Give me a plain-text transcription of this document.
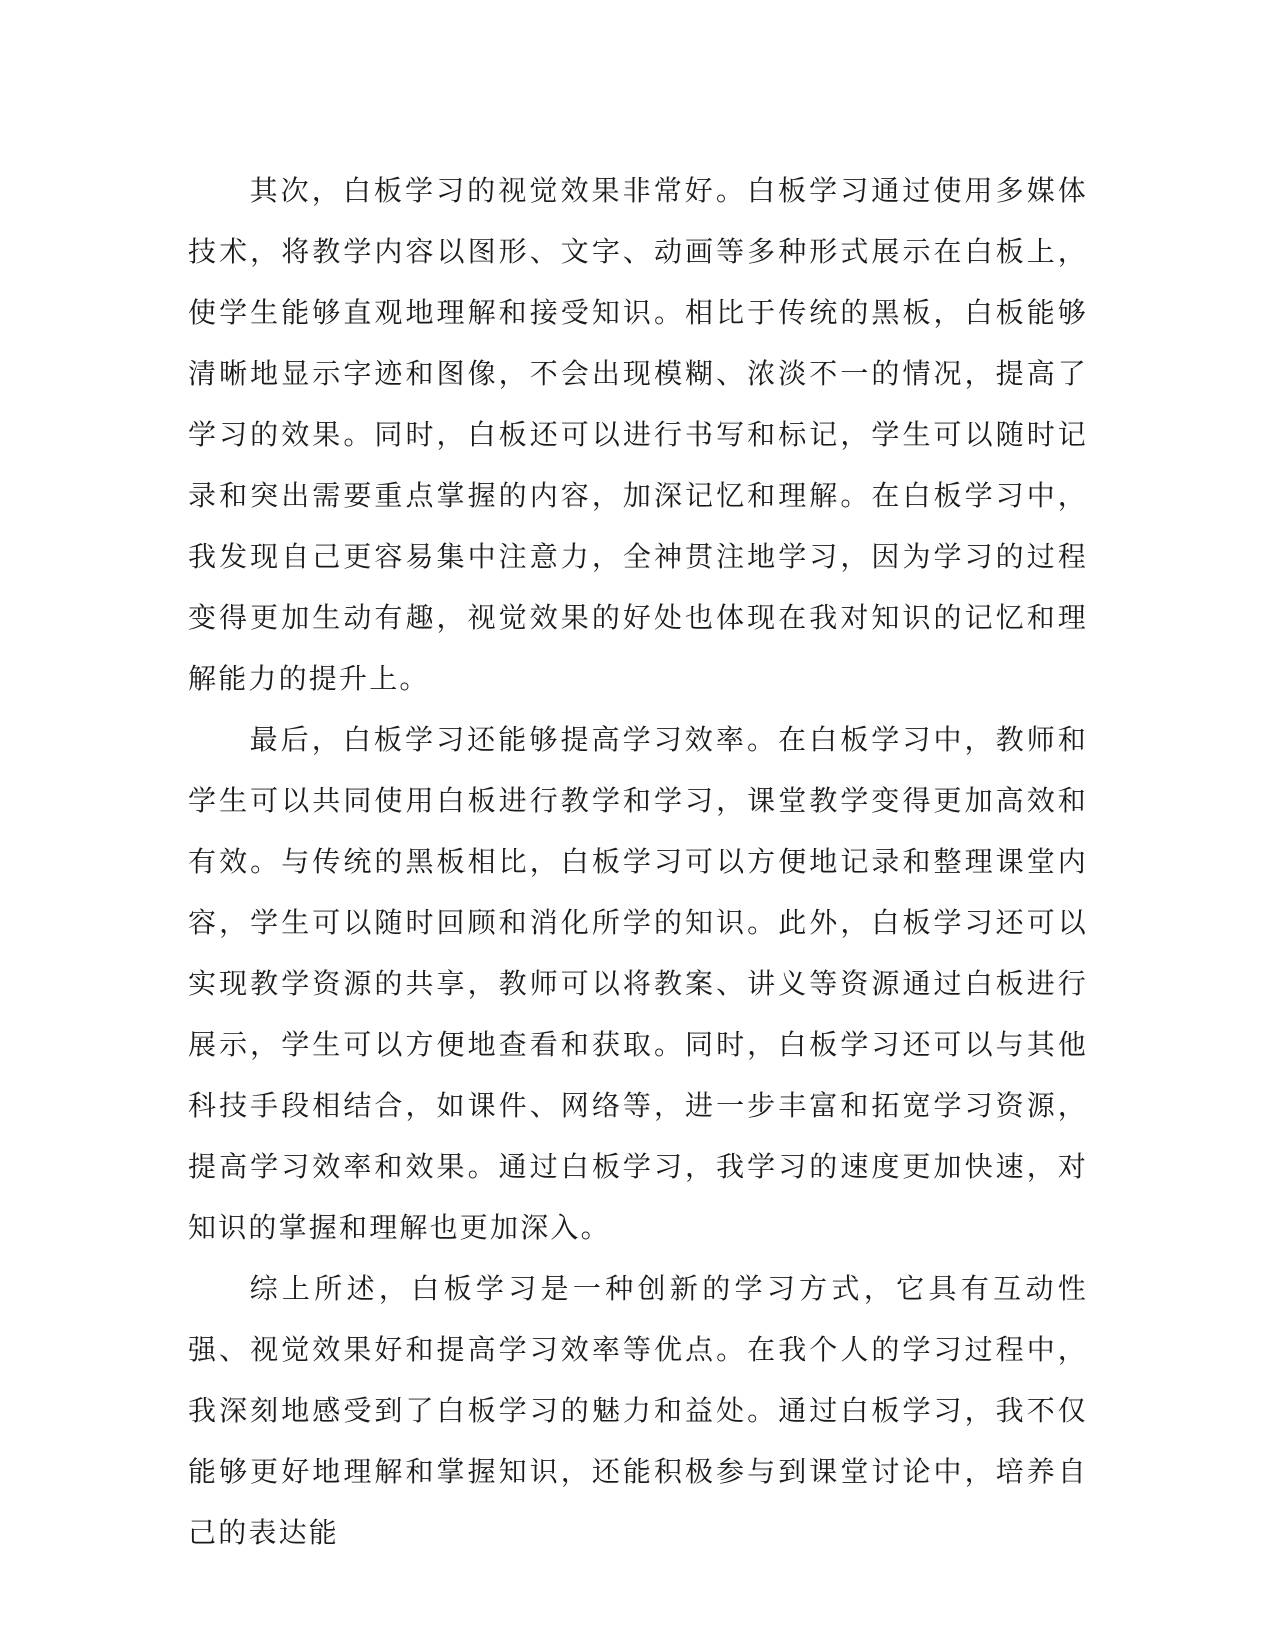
其次，白板学习的视觉效果非常好。白板学习通过使用多媒体技术，将教学内容以图形、文字、动画等多种形式展示在白板上，使学生能够直观地理解和接受知识。相比于传统的黑板，白板能够清晰地显示字迹和图像，不会出现模糊、浓淡不一的情况，提高了学习的效果。同时，白板还可以进行书写和标记，学生可以随时记录和突出需要重点掌握的内容，加深记忆和理解。在白板学习中，我发现自己更容易集中注意力，全神贯注地学习，因为学习的过程变得更加生动有趣，视觉效果的好处也体现在我对知识的记忆和理解能力的提升上。

最后，白板学习还能够提高学习效率。在白板学习中，教师和学生可以共同使用白板进行教学和学习，课堂教学变得更加高效和有效。与传统的黑板相比，白板学习可以方便地记录和整理课堂内容，学生可以随时回顾和消化所学的知识。此外，白板学习还可以实现教学资源的共享，教师可以将教案、讲义等资源通过白板进行展示，学生可以方便地查看和获取。同时，白板学习还可以与其他科技手段相结合，如课件、网络等，进一步丰富和拓宽学习资源，提高学习效率和效果。通过白板学习，我学习的速度更加快速，对知识的掌握和理解也更加深入。

综上所述，白板学习是一种创新的学习方式，它具有互动性强、视觉效果好和提高学习效率等优点。在我个人的学习过程中，我深刻地感受到了白板学习的魅力和益处。通过白板学习，我不仅能够更好地理解和掌握知识，还能积极参与到课堂讨论中，培养自己的表达能
